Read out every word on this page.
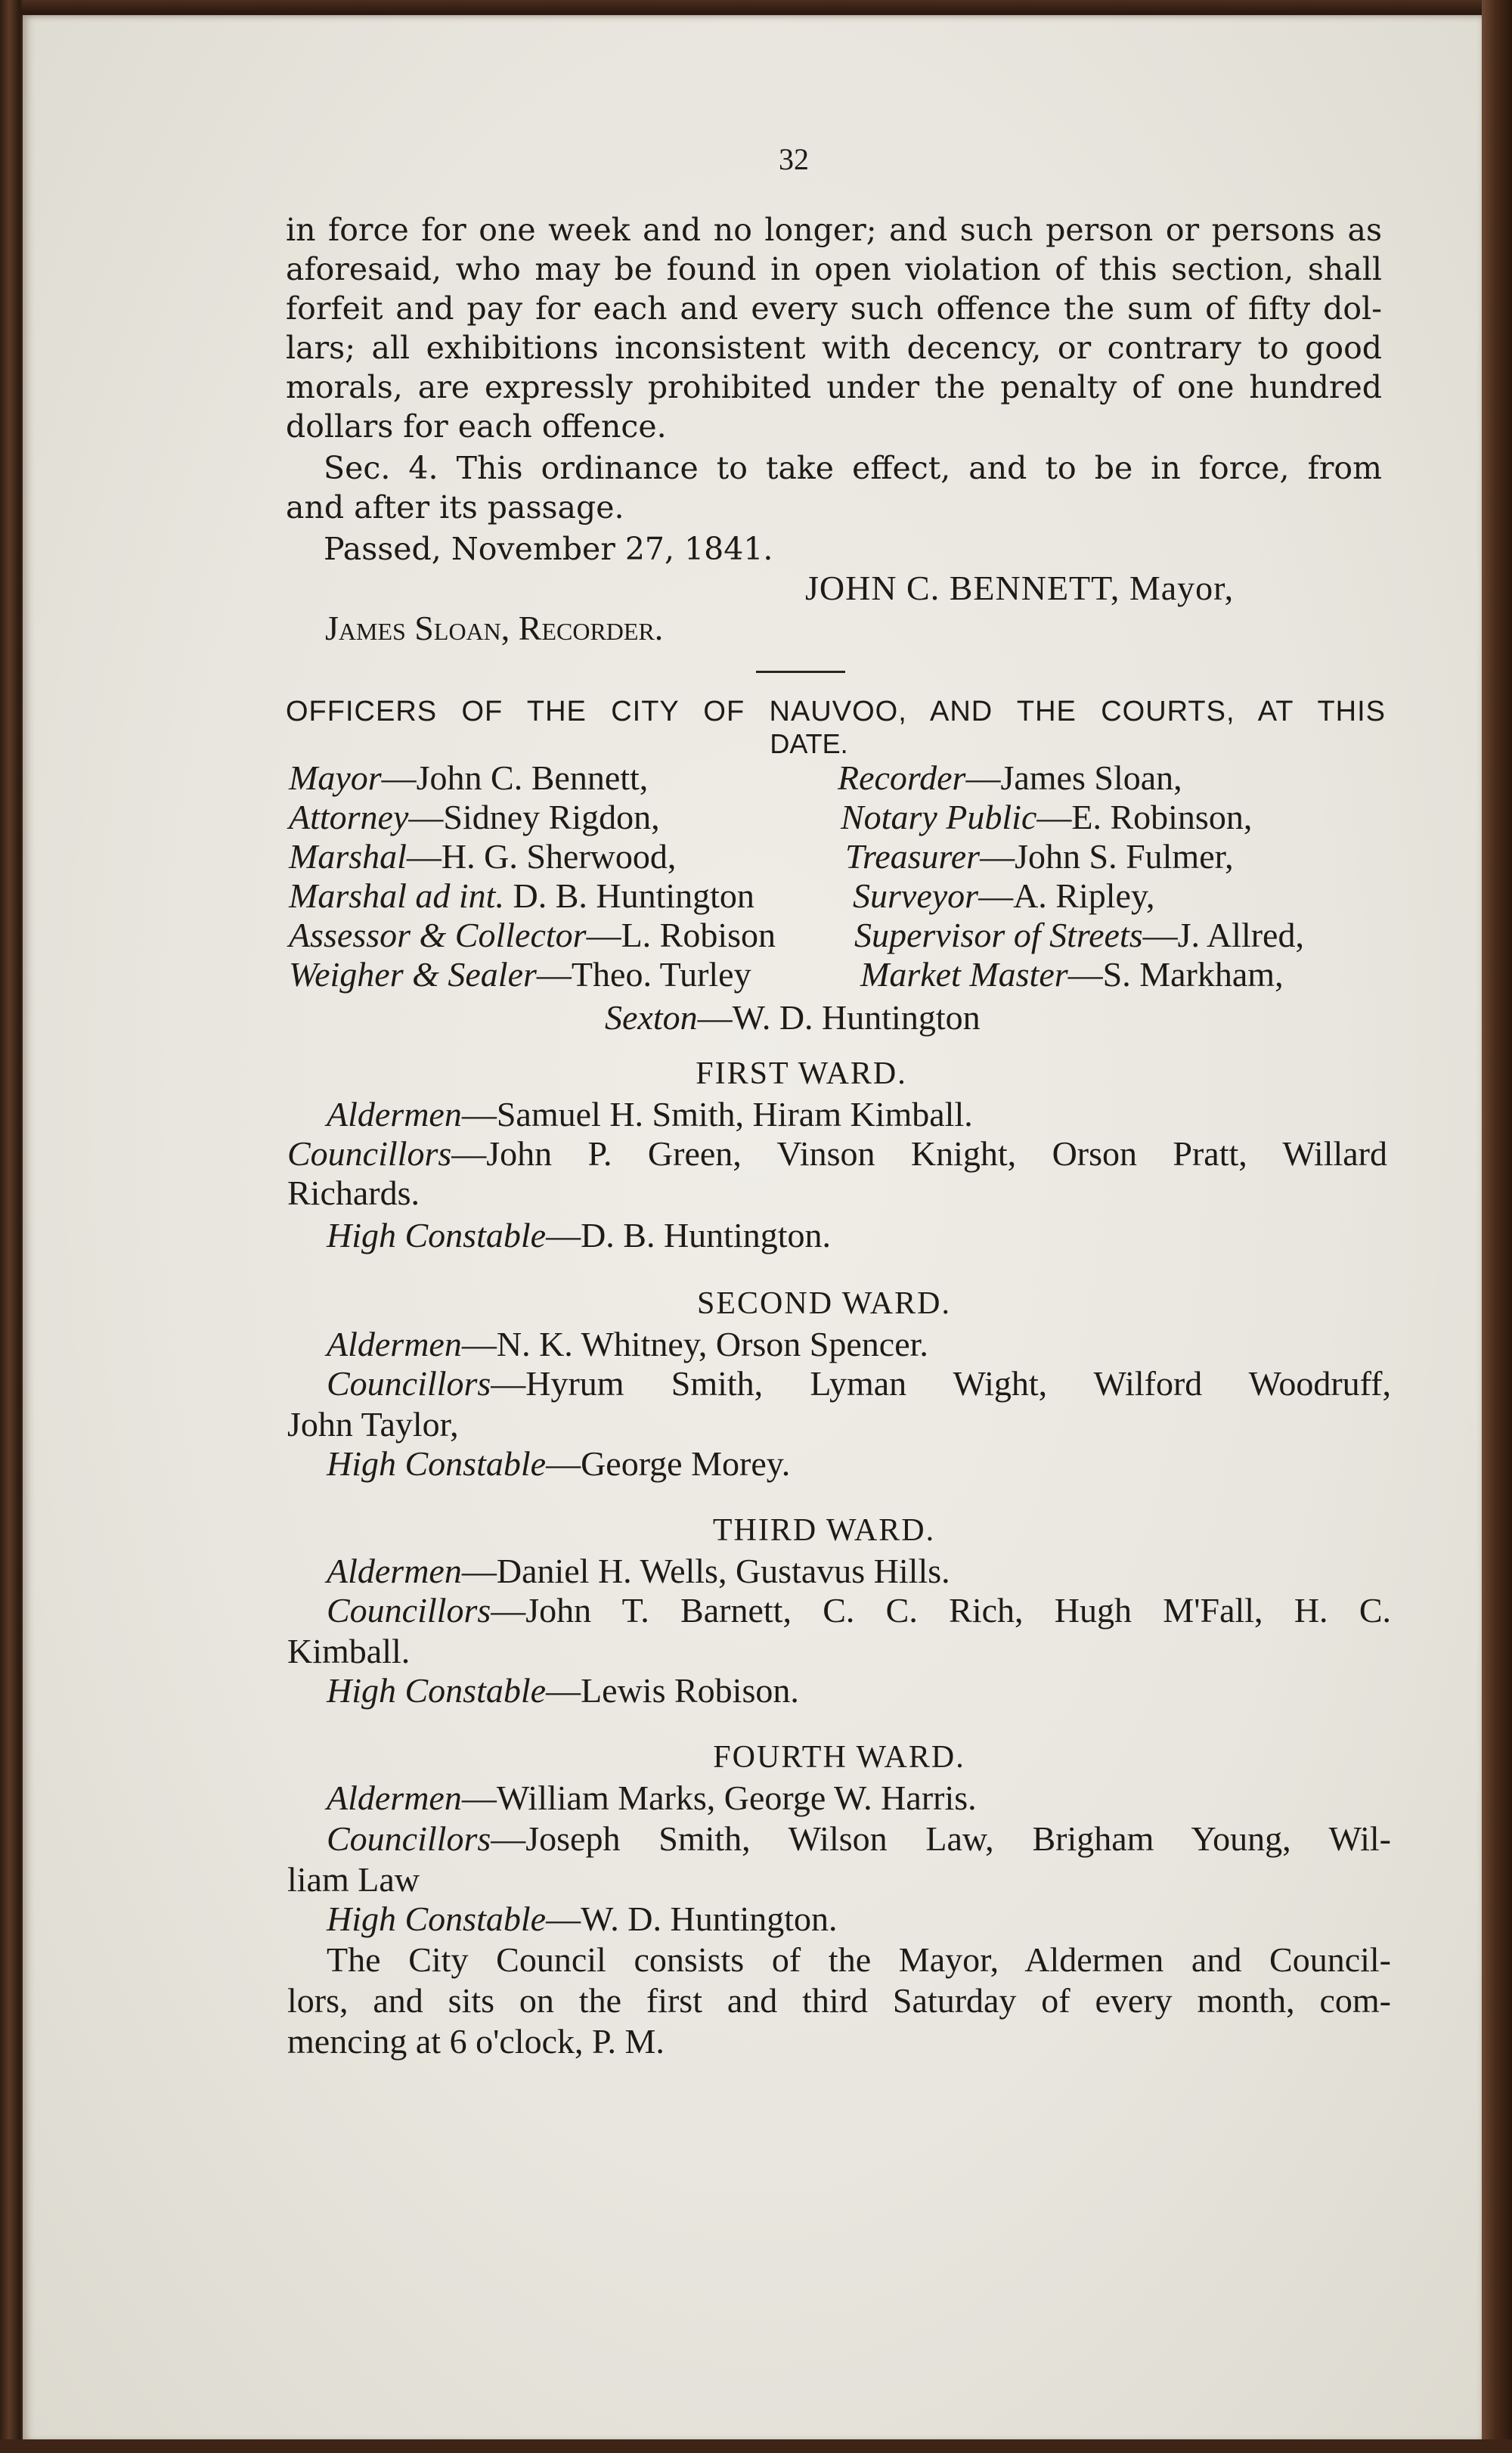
32

in force for one week and no longer; and such person or persons as

aforesaid, who may be found in open violation of this section, shall

forfeit and pay for each and every such offence the sum of fifty dol-

lars; all exhibitions inconsistent with decency, or contrary to good

morals, are expressly prohibited under the penalty of one hundred

dollars for each offence.

Sec. 4. This ordinance to take effect, and to be in force, from

and after its passage.

Passed, November 27, 1841.

JOHN C. BENNETT, Mayor,

James Sloan, Recorder.

OFFICERS OF THE CITY OF NAUVOO, AND THE COURTS, AT THIS

DATE.

Mayor—John C. Bennett,	Recorder—James Sloan,

Attorney—Sidney Rigdon,	Notary Public—E. Robinson,

Marshal—H. G. Sherwood,	Treasurer—John S. Fulmer,

Marshal ad int. D. B. Huntington	Surveyor—A. Ripley,

Assessor & Collector—L. Robison Supervisor of Streets—J. Allred,

Weigher & Sealer—Theo. Turley	Market Master—S. Markham,

Sexton—W. D. Huntington

FIRST WARD.

Aldermen—Samuel H. Smith, Hiram Kimball.

Councillors—John P. Green, Vinson Knight, Orson Pratt, Willard

Richards.

High Constable—D. B. Huntington.

SECOND WARD.

Aldermen—N. K. Whitney, Orson Spencer.

Councillors—Hyrum Smith, Lyman Wight, Wilford Woodruff,

John Taylor,

High Constable—George Morey.

THIRD WARD.

Aldermen—Daniel H. Wells, Gustavus Hills.

Councillors—John T. Barnett, C. C. Rich, Hugh M'Fall, H. C.

Kimball.

High Constable—Lewis Robison.

FOURTH WARD.

Aldermen—William Marks, George W. Harris.

Councillors—Joseph Smith, Wilson Law, Brigham Young, Wil-

liam Law

High Constable—W. D. Huntington.

The City Council consists of the Mayor, Aldermen and Council-

lors, and sits on the first and third Saturday of every month, com-

mencing at 6 o'clock, P. M.
